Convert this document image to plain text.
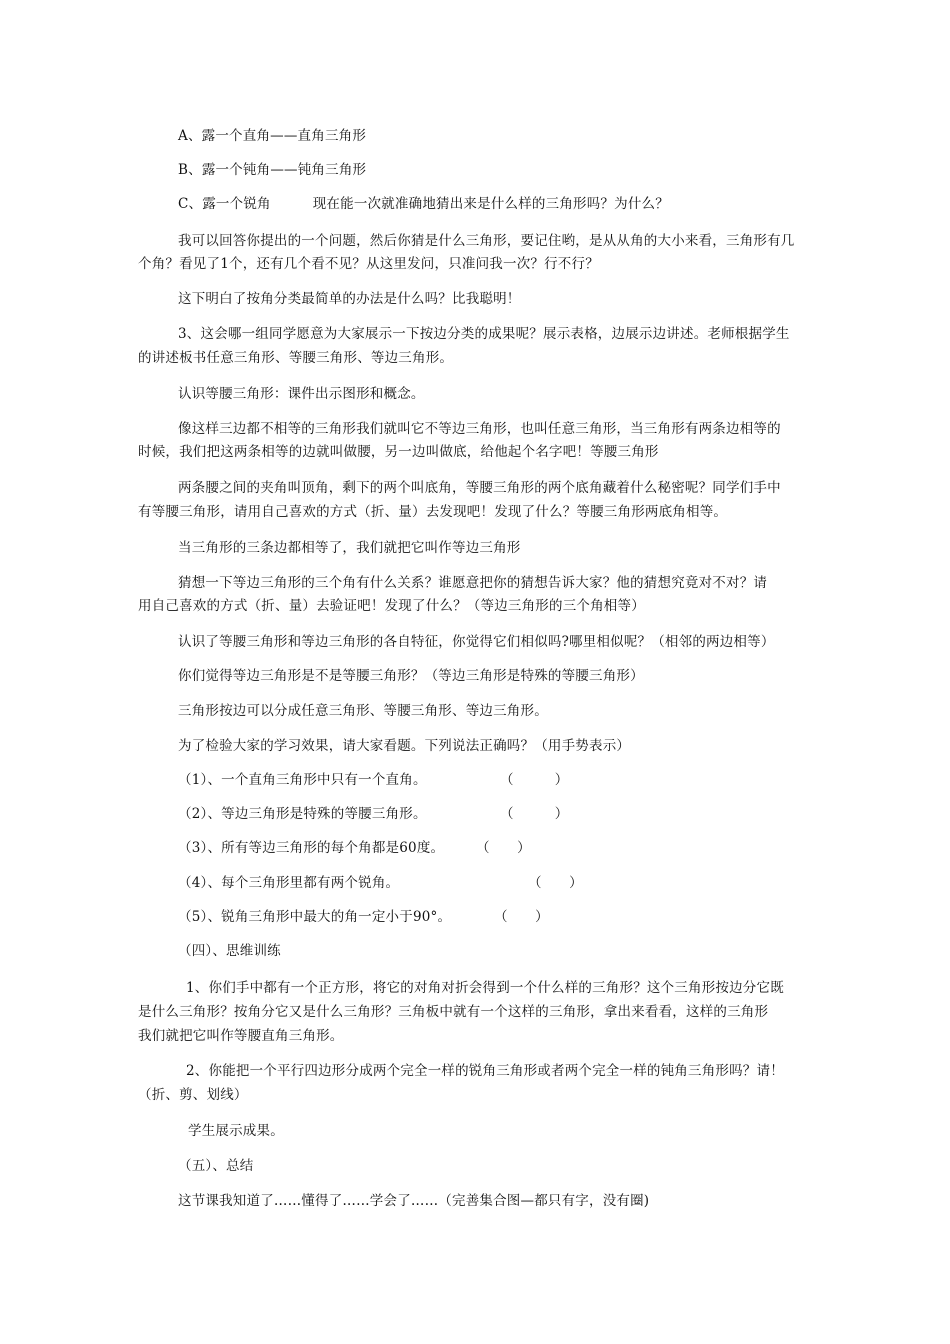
A、露一个直角——直角三角形
B、露一个钝角——钝角三角形
C、露一个锐角	现在能一次就准确地猜出来是什么样的三角形吗？为什么？
我可以回答你提出的一个问题，然后你猜是什么三角形，要记住哟，是从从角的大小来看，三角形有几
个角？看见了1个，还有几个看不见？从这里发问，只准问我一次？行不行？
这下明白了按角分类最简单的办法是什么吗？比我聪明！
3、这会哪一组同学愿意为大家展示一下按边分类的成果呢？展示表格，边展示边讲述。老师根据学生
的讲述板书任意三角形、等腰三角形、等边三角形。
认识等腰三角形：课件出示图形和概念。
像这样三边都不相等的三角形我们就叫它不等边三角形，也叫任意三角形，当三角形有两条边相等的
时候，我们把这两条相等的边就叫做腰，另一边叫做底，给他起个名字吧！等腰三角形
两条腰之间的夹角叫顶角，剩下的两个叫底角，等腰三角形的两个底角藏着什么秘密呢？同学们手中
有等腰三角形，请用自己喜欢的方式（折、量）去发现吧！发现了什么？等腰三角形两底角相等。
当三角形的三条边都相等了，我们就把它叫作等边三角形
猜想一下等边三角形的三个角有什么关系？谁愿意把你的猜想告诉大家？他的猜想究竟对不对？请
用自己喜欢的方式（折、量）去验证吧！发现了什么？（等边三角形的三个角相等）
认识了等腰三角形和等边三角形的各自特征，你觉得它们相似吗?哪里相似呢？（相邻的两边相等）
你们觉得等边三角形是不是等腰三角形？（等边三角形是特殊的等腰三角形）
三角形按边可以分成任意三角形、等腰三角形、等边三角形。
为了检验大家的学习效果，请大家看题。下列说法正确吗？（用手势表示）
（1）、一个直角三角形中只有一个直角。	（　　　）
（2）、等边三角形是特殊的等腰三角形。	（　　　）
（3）、所有等边三角形的每个角都是60度。 （　　）
（4）、每个三角形里都有两个锐角。	（　　）
（5）、锐角三角形中最大的角一定小于90°。	（　　）
（四）、思维训练
1、你们手中都有一个正方形，将它的对角对折会得到一个什么样的三角形？这个三角形按边分它既
是什么三角形？按角分它又是什么三角形？三角板中就有一个这样的三角形，拿出来看看，这样的三角形
我们就把它叫作等腰直角三角形。
2、你能把一个平行四边形分成两个完全一样的锐角三角形或者两个完全一样的钝角三角形吗？请！
（折、剪、划线）
学生展示成果。
（五）、总结
这节课我知道了……懂得了……学会了……（完善集合图—都只有字，没有圈)
